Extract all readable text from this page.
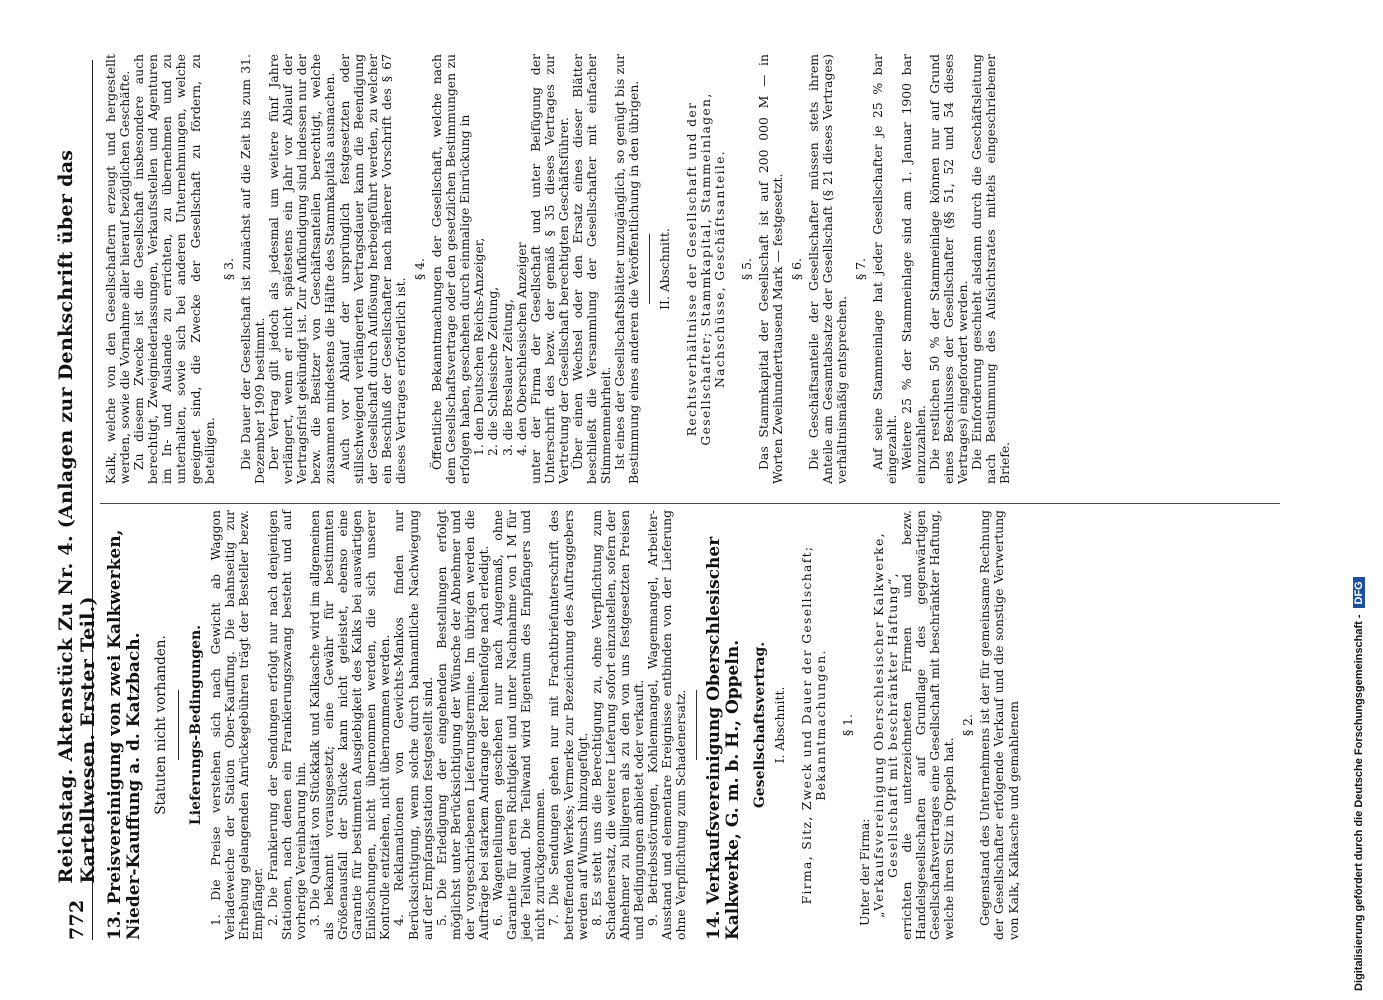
772
Reichstag. Aktenstück Zu Nr. 4. (Anlagen zur Denkschrift über das Kartellwesen. Erster Teil.) 13. Preisvereinigung von zwei Kalkwerken, Nieder-Kauffung a. d. Katzbach. Statuten nicht vorhanden. Lieferungs-Bedingungen. 1. Die Preise verstehen sich nach Gewicht ab Waggon Verladeweiche der Station Ober-Kauffung. Die bahnseitig zur Erhebung gelangenden Anrückegebühren trägt der Besteller bezw. Empfänger. 2. Die Frankierung der Sendungen erfolgt nur nach denjenigen Stationen, nach denen ein Frankierungszwang besteht und auf vorherige Vereinbarung hin. 3. Die Qualität von Stückkalk und Kalkasche wird im allgemeinen als bekannt vorausgesetzt; eine Gewähr für bestimmten Größenausfall der Stücke kann nicht geleistet, ebenso eine Garantie für bestimmten Ausgiebigkeit des Kalks bei auswärtigen Einlöschungen, nicht übernommen werden, die sich unserer Kontrolle entziehen, nicht übernommen werden. 4. Reklamationen von Gewichts-Mankos finden nur Berücksichtigung, wenn solche durch bahnamtliche Nachwiegung auf der Empfangsstation festgestellt sind. 5. Die Erledigung der eingehenden Bestellungen erfolgt möglichst unter Berücksichtigung der Wünsche der Abnehmer und der vorgeschriebenen Lieferungstermine. Im übrigen werden die Aufträge bei starkem Andrange der Reihenfolge nach erledigt. 6. Wagenteilungen geschehen nur nach Augenmaß, ohne Garantie für deren Richtigkeit und unter Nachnahme von 1 M für jede Teilwand. Die Teilwand wird Eigentum des Empfängers und nicht zurückgenommen. 7. Die Sendungen gehen nur mit Frachtbriefunterschrift des betreffenden Werkes; Vermerke zur Bezeichnung des Auftraggebers werden auf Wunsch hinzugefügt. 8. Es steht uns die Berechtigung zu, ohne Verpflichtung zum Schadenersatz, die weitere Lieferung sofort einzustellen, sofern der Abnehmer zu billigeren als zu den von uns festgesetzten Preisen und Bedingungen anbietet oder verkauft. 9. Betriebsstörungen, Kohlenmangel, Wagenmangel, Arbeiter-Ausstand und elementare Ereignisse entbinden von der Lieferung ohne Verpflichtung zum Schadenersatz. 14. Verkaufsvereinigung Oberschlesischer Kalkwerke, G. m. b. H., Oppeln. Gesellschaftsvertrag. I. Abschnitt. Firma, Sitz, Zweck und Dauer der Gesellschaft; Bekanntmachungen. § 1.

Unter der Firma: „Verkaufsvereinigung Oberschlesischer Kalkwerke, Gesellschaft mit beschränkter Haftung“, errichten die unterzeichneten Firmen und bezw. Handelsgesellschaften auf Grundlage des gegenwärtigen Gesellschaftsvertrages eine Gesellschaft mit beschränkter Haftung, welche ihren Sitz in Oppeln hat.

§ 2. Gegenstand des Unternehmens ist der für gemeinsame Rechnung der Gesellschafter erfolgende Verkauf und die sonstige Verwertung von Kalk, Kalkasche und gemahlenem

Kalk, welche von den Gesellschaftern erzeugt und hergestellt werden, sowie die Vornahme aller hierauf bezüglichen Geschäfte. Zu diesem Zwecke ist die Gesellschaft insbesondere auch berechtigt, Zweigniederlassungen, Verkaufsstellen und Agenturen im In- und Auslande zu errichten, zu übernehmen und zu unterhalten, sowie sich bei anderen Unternehmungen, welche geeignet sind, die Zwecke der Gesellschaft zu fördern, zu beteiligen.

§ 3. Die Dauer der Gesellschaft ist zunächst auf die Zeit bis zum 31. Dezember 1909 bestimmt. Der Vertrag gilt jedoch als jedesmal um weitere fünf Jahre verlängert, wenn er nicht spätestens ein Jahr vor Ablauf der Vertragsfrist gekündigt ist. Zur Aufkündigung sind indessen nur der bezw. die Besitzer von Geschäftsanteilen berechtigt, welche zusammen mindestens die Hälfte des Stammkapitals ausmachen. Auch vor Ablauf der ursprünglich festgesetzten oder stillschweigend verlängerten Vertragsdauer kann die Beendigung der Gesellschaft durch Auflösung herbeigeführt werden, zu welcher ein Beschluß der Gesellschafter nach näherer Vorschrift des § 67 dieses Vertrages erforderlich ist.

§ 4. Öffentliche Bekanntmachungen der Gesellschaft, welche nach dem Gesellschaftsvertrage oder den gesetzlichen Bestimmungen zu erfolgen haben, geschehen durch einmalige Einrückung in 1. den Deutschen Reichs-Anzeiger, 2. die Schlesische Zeitung, 3. die Breslauer Zeitung, 4. den Oberschlesischen Anzeiger unter der Firma der Gesellschaft und unter Beifügung der Unterschrift des bezw. der gemäß § 35 dieses Vertrages zur Vertretung der Gesellschaft berechtigten Geschäftsführer. Über einen Wechsel oder den Ersatz eines dieser Blätter beschließt die Versammlung der Gesellschafter mit einfacher Stimmenmehrheit. Ist eines der Gesellschaftsblätter unzugänglich, so genügt bis zur Bestimmung eines anderen die Veröffentlichung in den übrigen. II. Abschnitt. Rechtsverhältnisse der Gesellschaft und der Gesellschafter; Stammkapital, Stammeinlagen, Nachschüsse, Geschäftsanteile. § 5. Das Stammkapital der Gesellschaft ist auf 200 000 M — in Worten Zweihunderttausend Mark — festgesetzt. § 6. Die Geschäftsanteile der Gesellschafter müssen stets ihrem Anteile am Gesamtabsatze der Gesellschaft (§ 21 dieses Vertrages) verhältnismäßig entsprechen.

§ 7. Auf seine Stammeinlage hat jeder Gesellschafter je 25 % bar eingezahlt. Weitere 25 % der Stammeinlage sind am 1. Januar 1900 bar einzuzahlen. Die restlichen 50 % der Stammeinlage können nur auf Grund eines Beschlusses der Gesellschafter (§§ 51, 52 und 54 dieses Vertrages) eingefordert werden. Die Einforderung geschieht alsdann durch die Geschäftsleitung nach Bestimmung des Aufsichtsrates mittels eingeschriebener Briefe.

Digitalisierung gefördert durch die Deutsche Forschungsgemeinschaft -DFG
